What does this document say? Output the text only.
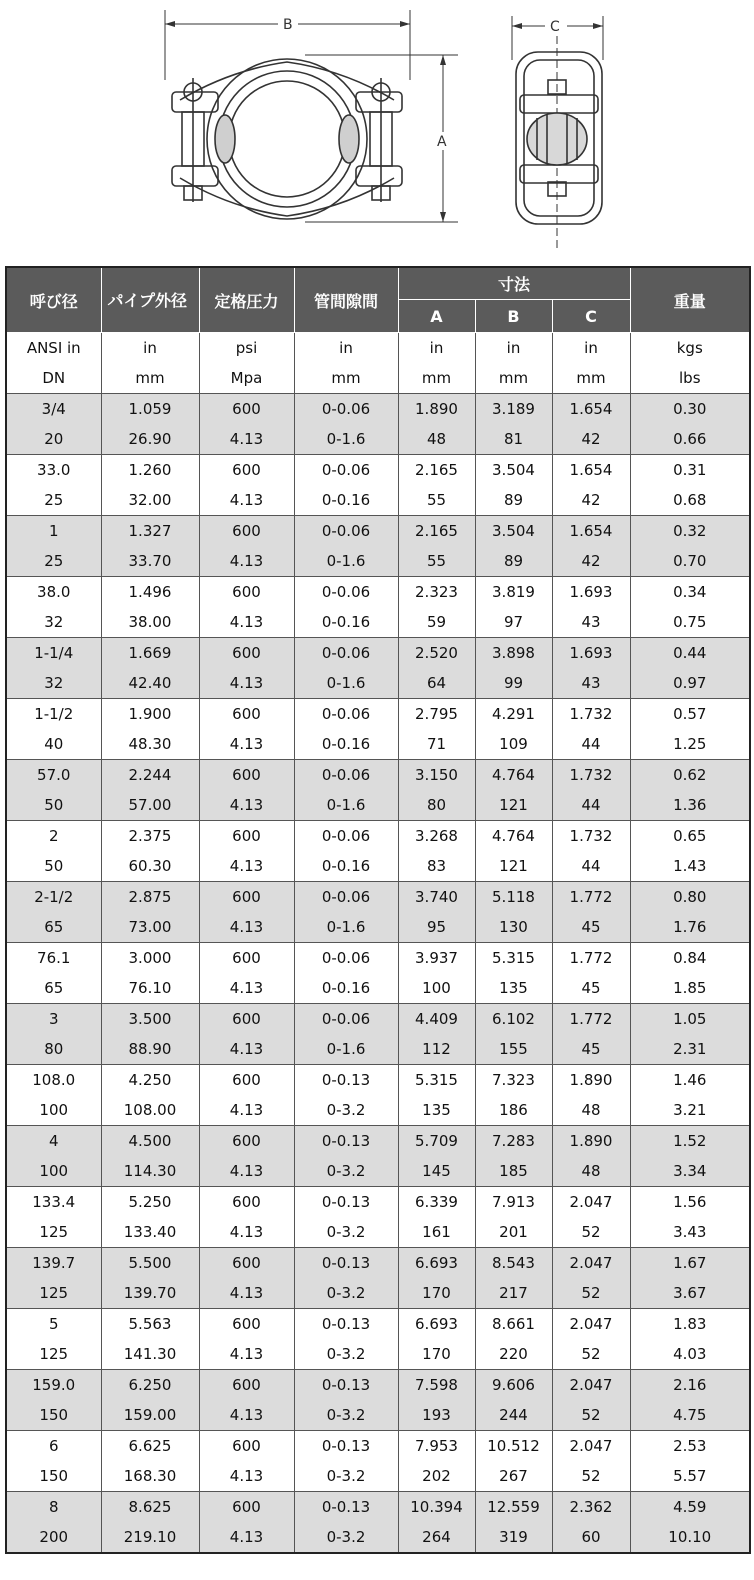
B
A
C
呼び径	パイプ外径	定格圧力	管間隙間	寸法			重量
				A	B	C	
ANSI in	in	psi	in	in	in	in	kgs
DN	mm	Mpa	mm	mm	mm	mm	lbs
3/4	1.059	600	0-0.06	1.890	3.189	1.654	0.30
20	26.90	4.13	0-1.6	48	81	42	0.66
33.0	1.260	600	0-0.06	2.165	3.504	1.654	0.31
25	32.00	4.13	0-0.16	55	89	42	0.68
1	1.327	600	0-0.06	2.165	3.504	1.654	0.32
25	33.70	4.13	0-1.6	55	89	42	0.70
38.0	1.496	600	0-0.06	2.323	3.819	1.693	0.34
32	38.00	4.13	0-0.16	59	97	43	0.75
1-1/4	1.669	600	0-0.06	2.520	3.898	1.693	0.44
32	42.40	4.13	0-1.6	64	99	43	0.97
1-1/2	1.900	600	0-0.06	2.795	4.291	1.732	0.57
40	48.30	4.13	0-0.16	71	109	44	1.25
57.0	2.244	600	0-0.06	3.150	4.764	1.732	0.62
50	57.00	4.13	0-1.6	80	121	44	1.36
2	2.375	600	0-0.06	3.268	4.764	1.732	0.65
50	60.30	4.13	0-0.16	83	121	44	1.43
2-1/2	2.875	600	0-0.06	3.740	5.118	1.772	0.80
65	73.00	4.13	0-1.6	95	130	45	1.76
76.1	3.000	600	0-0.06	3.937	5.315	1.772	0.84
65	76.10	4.13	0-0.16	100	135	45	1.85
3	3.500	600	0-0.06	4.409	6.102	1.772	1.05
80	88.90	4.13	0-1.6	112	155	45	2.31
108.0	4.250	600	0-0.13	5.315	7.323	1.890	1.46
100	108.00	4.13	0-3.2	135	186	48	3.21
4	4.500	600	0-0.13	5.709	7.283	1.890	1.52
100	114.30	4.13	0-3.2	145	185	48	3.34
133.4	5.250	600	0-0.13	6.339	7.913	2.047	1.56
125	133.40	4.13	0-3.2	161	201	52	3.43
139.7	5.500	600	0-0.13	6.693	8.543	2.047	1.67
125	139.70	4.13	0-3.2	170	217	52	3.67
5	5.563	600	0-0.13	6.693	8.661	2.047	1.83
125	141.30	4.13	0-3.2	170	220	52	4.03
159.0	6.250	600	0-0.13	7.598	9.606	2.047	2.16
150	159.00	4.13	0-3.2	193	244	52	4.75
6	6.625	600	0-0.13	7.953	10.512	2.047	2.53
150	168.30	4.13	0-3.2	202	267	52	5.57
8	8.625	600	0-0.13	10.394	12.559	2.362	4.59
200	219.10	4.13	0-3.2	264	319	60	10.10
